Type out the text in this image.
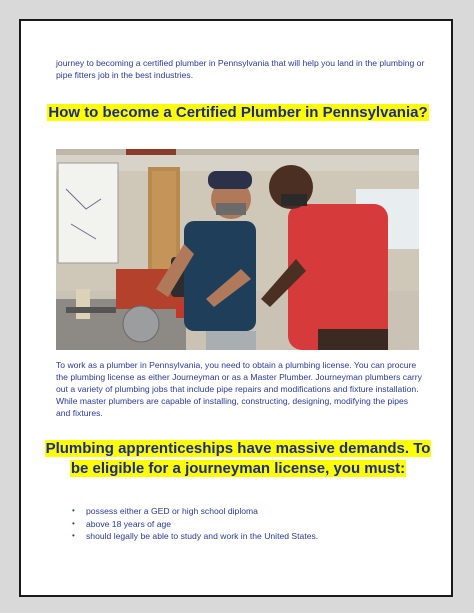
journey to becoming a certified plumber in Pennsylvania that will help you land in the plumbing or pipe fitters job in the best industries.

How to become a Certified Plumber in Pennsylvania?

To work as a plumber in Pennsylvania, you need to obtain a plumbing license. You can procure the plumbing license as either Journeyman or as a Master Plumber. Journeyman plumbers carry out a variety of plumbing jobs that include pipe repairs and modifications and fixture installation. While master plumbers are capable of installing, constructing, designing, modifying the pipes and fixtures.

Plumbing apprenticeships have massive demands. To be eligible for a journeyman license, you must:
• possess either a GED or high school diploma
• above 18 years of age
• should legally be able to study and work in the United States.
